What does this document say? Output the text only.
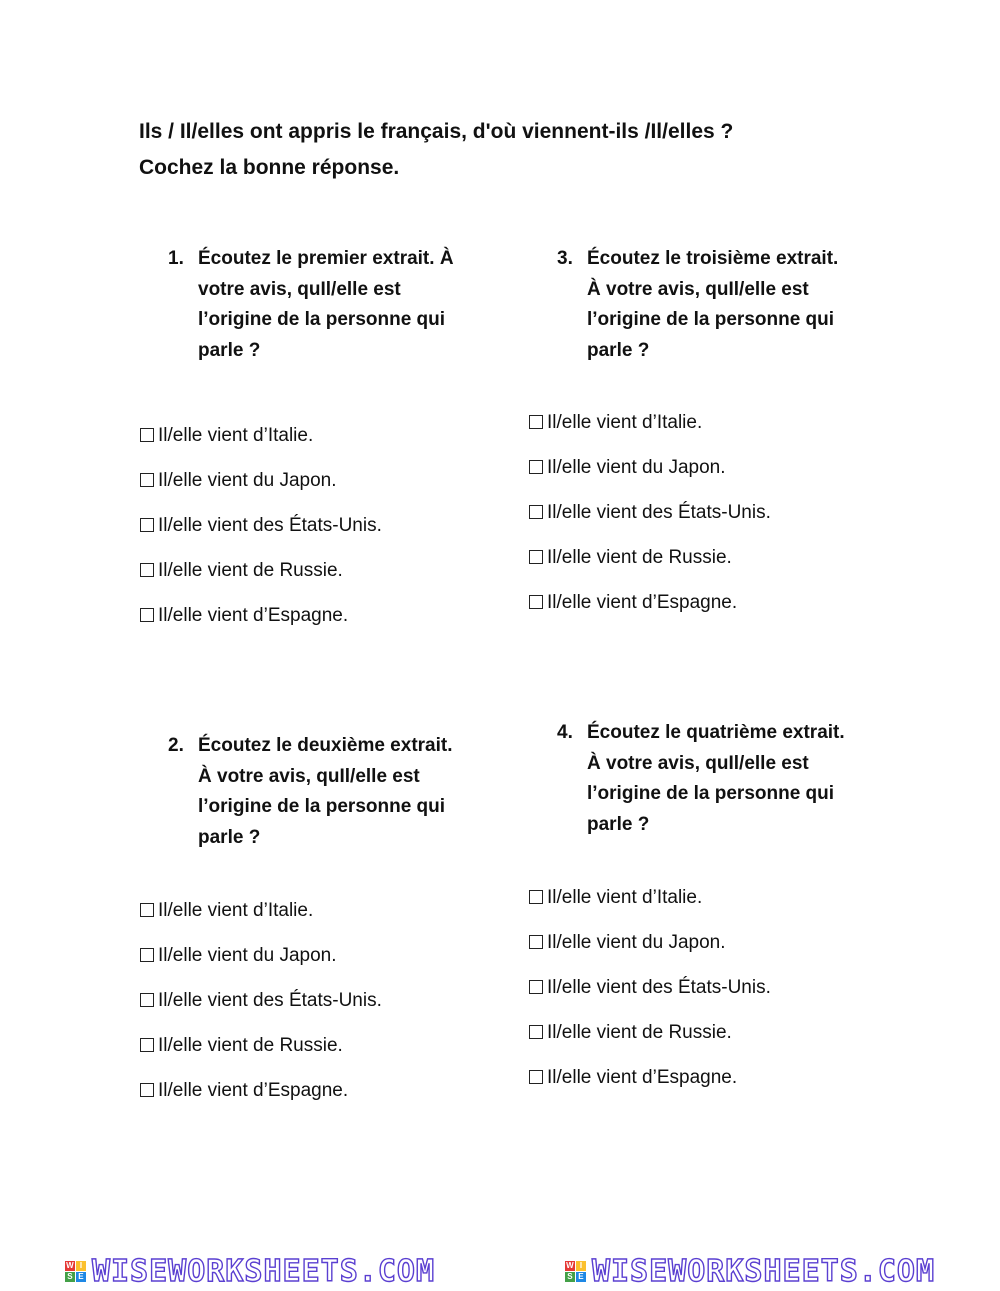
Ils / Il/elles ont appris le français, d'où viennent-ils /Il/elles ?
Cochez la bonne réponse.
1. Écoutez le premier extrait. À votre avis, quIl/elle est l’origine de la personne qui parle ?
Il/elle vient d’Italie.
Il/elle vient du Japon.
Il/elle vient des États-Unis.
Il/elle vient de Russie.
Il/elle vient d’Espagne.
3. Écoutez le troisième extrait. À votre avis, quIl/elle est l’origine de la personne qui parle ?
Il/elle vient d’Italie.
Il/elle vient du Japon.
Il/elle vient des États-Unis.
Il/elle vient de Russie.
Il/elle vient d’Espagne.
2. Écoutez le deuxième extrait. À votre avis, quIl/elle est l’origine de la personne qui parle ?
Il/elle vient d’Italie.
Il/elle vient du Japon.
Il/elle vient des États-Unis.
Il/elle vient de Russie.
Il/elle vient d’Espagne.
4. Écoutez le quatrième extrait. À votre avis, quIl/elle est l’origine de la personne qui parle ?
Il/elle vient d’Italie.
Il/elle vient du Japon.
Il/elle vient des États-Unis.
Il/elle vient de Russie.
Il/elle vient d’Espagne.
W I
S E WISEWORKSHEETS.COM	W I
S E WISEWORKSHEETS.COM
